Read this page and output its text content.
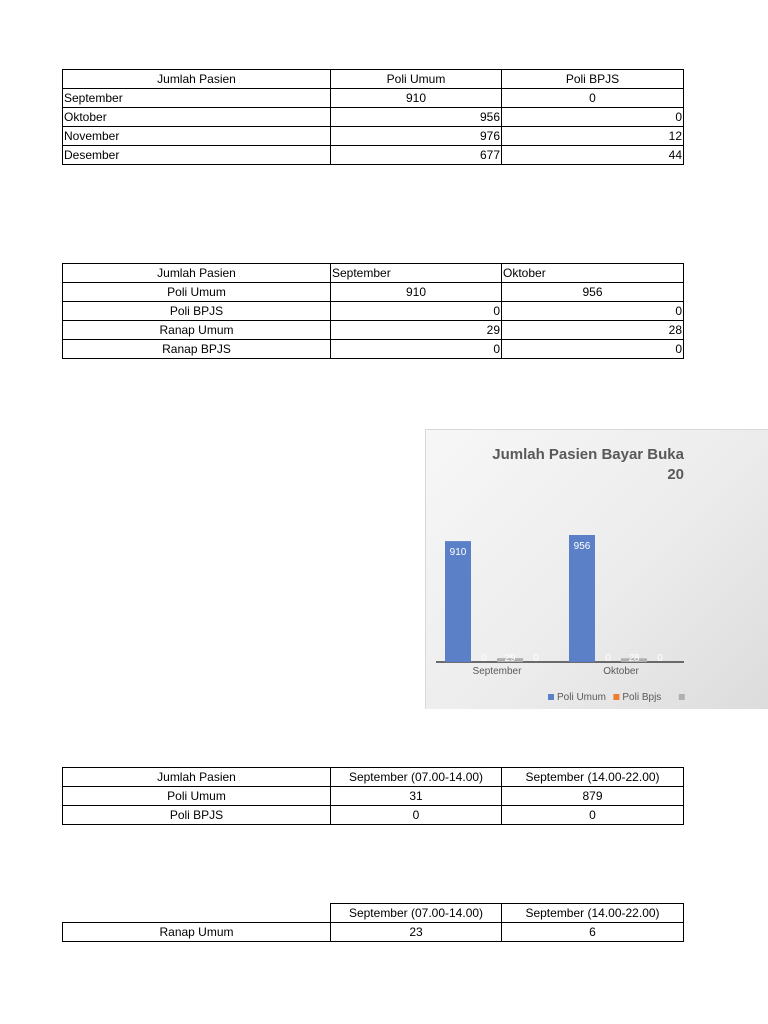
Jumlah Pasien	Poli Umum	Poli BPJS
September	910	0
Oktober	956	0
November	976	12
Desember	677	44
Jumlah Pasien	September	Oktober
Poli Umum	910	956
Poli BPJS	0	0
Ranap Umum	29	28
Ranap BPJS	0	0
Jumlah Pasien Bayar Buka
20
910
0 29 0
September
956
0 28 0
Oktober
Poli Umum Poli Bpjs
Jumlah Pasien	September (07.00-14.00)	September (14.00-22.00)
Poli Umum	31	879
Poli BPJS	0	0
	September (07.00-14.00)	September (14.00-22.00)
Ranap Umum	23	6
